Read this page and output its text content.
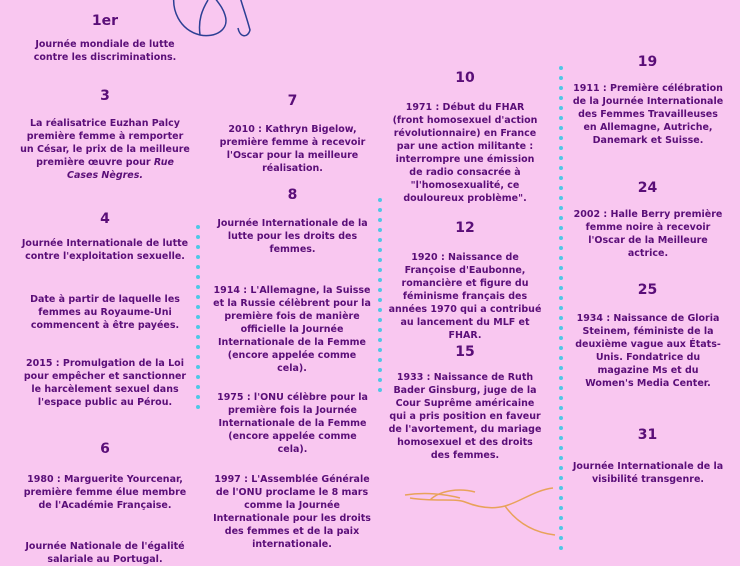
1er
Journée mondiale de lutte contre les discriminations.
3
La réalisatrice Euzhan Palcy première femme à remporter un César, le prix de la meilleure première œuvre pour Rue Cases Nègres.
4
Journée Internationale de lutte contre l'exploitation sexuelle.
Date à partir de laquelle les femmes au Royaume-Uni commencent à être payées.
2015 : Promulgation de la Loi pour empêcher et sanctionner le harcèlement sexuel dans l'espace public au Pérou.
6
1980 : Marguerite Yourcenar, première femme élue membre de l'Académie Française.
Journée Nationale de l'égalité salariale au Portugal.
7
2010 : Kathryn Bigelow, première femme à recevoir l'Oscar pour la meilleure réalisation.
8
Journée Internationale de la lutte pour les droits des femmes.
1914 : L'Allemagne, la Suisse et la Russie célèbrent pour la première fois de manière officielle la Journée Internationale de la Femme (encore appelée comme cela).
1975 : l'ONU célèbre pour la première fois la Journée Internationale de la Femme (encore appelée comme cela).
1997 : L'Assemblée Générale de l'ONU proclame le 8 mars comme la Journée Internationale pour les droits des femmes et de la paix internationale.
10
1971 : Début du FHAR (front homosexuel d'action révolutionnaire) en France par une action militante : interrompre une émission de radio consacrée à "l'homosexualité, ce douloureux problème".
12
1920 : Naissance de Françoise d'Eaubonne, romancière et figure du féminisme français des années 1970 qui a contribué au lancement du MLF et FHAR.
15
1933 : Naissance de Ruth Bader Ginsburg, juge de la Cour Suprême américaine qui a pris position en faveur de l'avortement, du mariage homosexuel et des droits des femmes.
19
1911 : Première célébration de la Journée Internationale des Femmes Travailleuses en Allemagne, Autriche, Danemark et Suisse.
24
2002 : Halle Berry première femme noire à recevoir l'Oscar de la Meilleure actrice.
25
1934 : Naissance de Gloria Steinem, féministe de la deuxième vague aux États-Unis. Fondatrice du magazine Ms et du Women's Media Center.
31
Journée Internationale de la visibilité transgenre.
